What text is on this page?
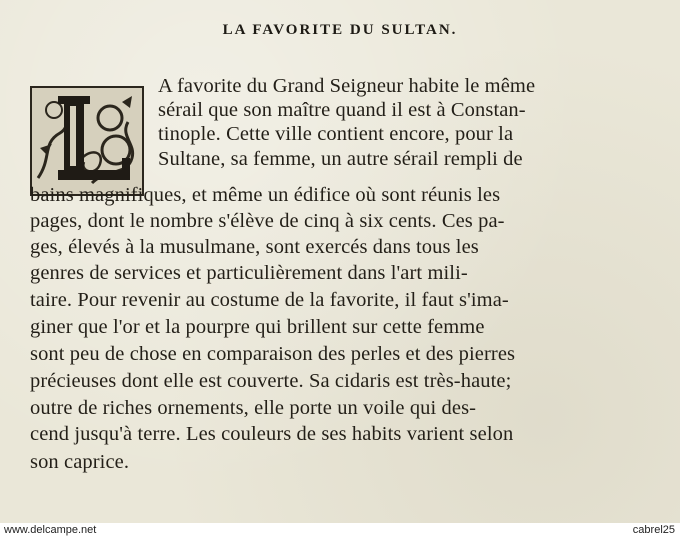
LA FAVORITE DU SULTAN.
A favorite du Grand Seigneur habite le même
sérail que son maître quand il est à Constan-
tinople. Cette ville contient encore, pour la
Sultane, sa femme, un autre sérail rempli de
bains magnifiques, et même un édifice où sont réunis les
pages, dont le nombre s'élève de cinq à six cents. Ces pa-
ges, élevés à la musulmane, sont exercés dans tous les
genres de services et particulièrement dans l'art mili-
taire. Pour revenir au costume de la favorite, il faut s'ima-
giner que l'or et la pourpre qui brillent sur cette femme
sont peu de chose en comparaison des perles et des pierres
précieuses dont elle est couverte. Sa cidaris est très-haute;
outre de riches ornements, elle porte un voile qui des-
cend jusqu'à terre. Les couleurs de ses habits varient selon
son caprice.
www.delcampe.net	cabrel25
